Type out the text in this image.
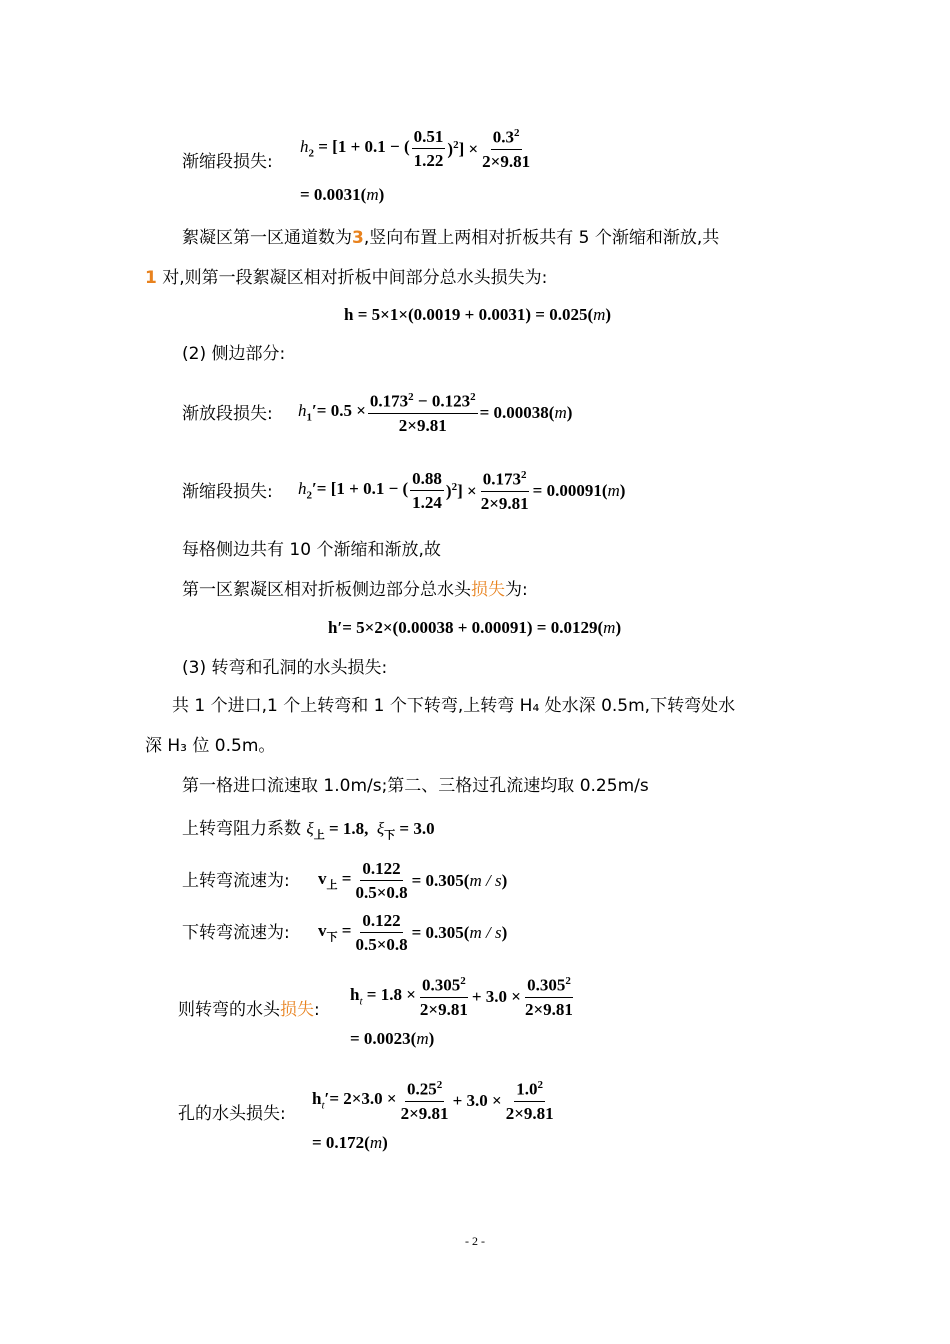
渐缩段损失:
$h_2 = [1 + 0.1$ − ( $\frac{0.51}{1.22} )^2] \times \frac{0.3^2}{2\times 9.81}$
= 0.0031(m)
絮凝区第一区通道数为3,竖向布置上两相对折板共有 5 个渐缩和渐放,共
1 对,则第一段絮凝区相对折板中间部分总水头损失为:
h = 5×1×(0.0019 + 0.0031) = 0.025(m)
(2) 侧边部分:
渐放段损失: $h_1'= 0.5 \times \frac{0.173^2 - 0.123^2}{2\times 9.81} = 0.00038(m)$
渐缩段损失: $h_2'= [1 + 0.1$ − ( $\frac{0.88}{1.24} )^2] \times \frac{0.173^2}{2\times 9.81} = 0.00091(m)$
每格侧边共有 10 个渐缩和渐放,故
第一区絮凝区相对折板侧边部分总水头损失为:
h′= 5×2×(0.00038 + 0.00091) = 0.0129(m)
(3) 转弯和孔洞的水头损失:
共 1 个进口,1 个上转弯和 1 个下转弯,上转弯 H₄ 处水深 0.5m,下转弯处水
深 H₃ 位 0.5m。
第一格进口流速取 1.0m/s;第二、三格过孔流速均取 0.25m/s
上转弯阻力系数 $\xi_上 = 1.8$,  $\xi_下 = 3.0$
上转弯流速为: $v_上 = \frac{0.122}{0.5\times 0.8} = 0.305(m / s)$
下转弯流速为: $v_下 = \frac{0.122}{0.5\times 0.8} = 0.305(m / s)$
则转弯的水头损失:
$h_t = 1.8 \times \frac{0.305^2}{2\times 9.81} + 3.0 \times \frac{0.305^2}{2\times 9.81}$
= 0.0023(m)
孔的水头损失:
$h_t'= 2\times 3.0 \times \frac{0.25^2}{2\times 9.81} + 3.0 \times \frac{1.0^2}{2\times 9.81}$
= 0.172(m)
- 2 -
